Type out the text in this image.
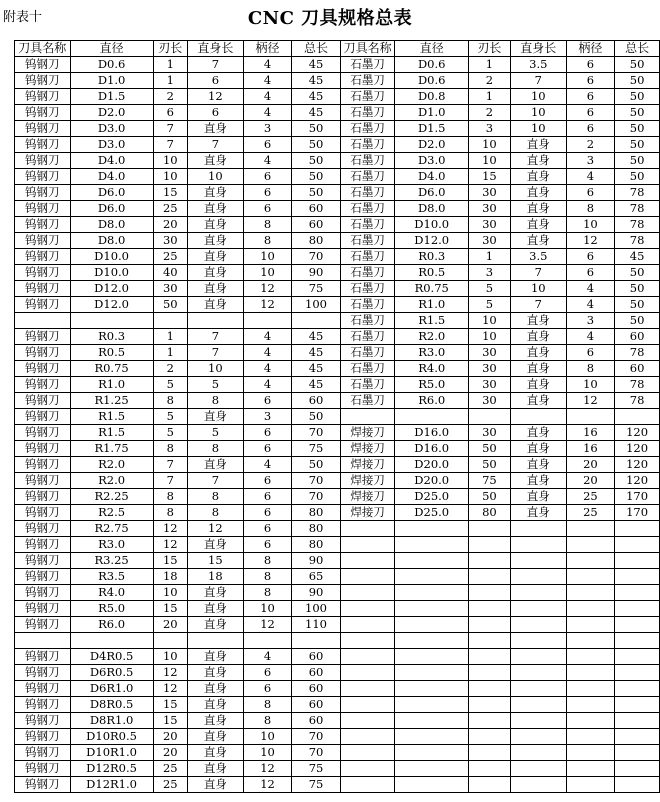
附表十	CNC 刀具规格总表
刀具名称	直径	刃长	直身长	柄径	总长	刀具名称	直径	刃长	直身长	柄径	总长
钨钢刀	D0.6	1	7	4	45	石墨刀	D0.6	1	3.5	6	50
钨钢刀	D1.0	1	6	4	45	石墨刀	D0.6	2	7	6	50
钨钢刀	D1.5	2	12	4	45	石墨刀	D0.8	1	10	6	50
钨钢刀	D2.0	6	6	4	45	石墨刀	D1.0	2	10	6	50
钨钢刀	D3.0	7	直身	3	50	石墨刀	D1.5	3	10	6	50
钨钢刀	D3.0	7	7	6	50	石墨刀	D2.0	10	直身	2	50
钨钢刀	D4.0	10	直身	4	50	石墨刀	D3.0	10	直身	3	50
钨钢刀	D4.0	10	10	6	50	石墨刀	D4.0	15	直身	4	50
钨钢刀	D6.0	15	直身	6	50	石墨刀	D6.0	30	直身	6	78
钨钢刀	D6.0	25	直身	6	60	石墨刀	D8.0	30	直身	8	78
钨钢刀	D8.0	20	直身	8	60	石墨刀	D10.0	30	直身	10	78
钨钢刀	D8.0	30	直身	8	80	石墨刀	D12.0	30	直身	12	78
钨钢刀	D10.0	25	直身	10	70	石墨刀	R0.3	1	3.5	6	45
钨钢刀	D10.0	40	直身	10	90	石墨刀	R0.5	3	7	6	50
钨钢刀	D12.0	30	直身	12	75	石墨刀	R0.75	5	10	4	50
钨钢刀	D12.0	50	直身	12	100	石墨刀	R1.0	5	7	4	50
						石墨刀	R1.5	10	直身	3	50
钨钢刀	R0.3	1	7	4	45	石墨刀	R2.0	10	直身	4	60
钨钢刀	R0.5	1	7	4	45	石墨刀	R3.0	30	直身	6	78
钨钢刀	R0.75	2	10	4	45	石墨刀	R4.0	30	直身	8	60
钨钢刀	R1.0	5	5	4	45	石墨刀	R5.0	30	直身	10	78
钨钢刀	R1.25	8	8	6	60	石墨刀	R6.0	30	直身	12	78
钨钢刀	R1.5	5	直身	3	50						
钨钢刀	R1.5	5	5	6	70	焊接刀	D16.0	30	直身	16	120
钨钢刀	R1.75	8	8	6	75	焊接刀	D16.0	50	直身	16	120
钨钢刀	R2.0	7	直身	4	50	焊接刀	D20.0	50	直身	20	120
钨钢刀	R2.0	7	7	6	70	焊接刀	D20.0	75	直身	20	120
钨钢刀	R2.25	8	8	6	70	焊接刀	D25.0	50	直身	25	170
钨钢刀	R2.5	8	8	6	80	焊接刀	D25.0	80	直身	25	170
钨钢刀	R2.75	12	12	6	80						
钨钢刀	R3.0	12	直身	6	80						
钨钢刀	R3.25	15	15	8	90						
钨钢刀	R3.5	18	18	8	65						
钨钢刀	R4.0	10	直身	8	90						
钨钢刀	R5.0	15	直身	10	100						
钨钢刀	R6.0	20	直身	12	110						

钨钢刀	D4R0.5	10	直身	4	60						
钨钢刀	D6R0.5	12	直身	6	60						
钨钢刀	D6R1.0	12	直身	6	60						
钨钢刀	D8R0.5	15	直身	8	60						
钨钢刀	D8R1.0	15	直身	8	60						
钨钢刀	D10R0.5	20	直身	10	70						
钨钢刀	D10R1.0	20	直身	10	70						
钨钢刀	D12R0.5	25	直身	12	75						
钨钢刀	D12R1.0	25	直身	12	75						
